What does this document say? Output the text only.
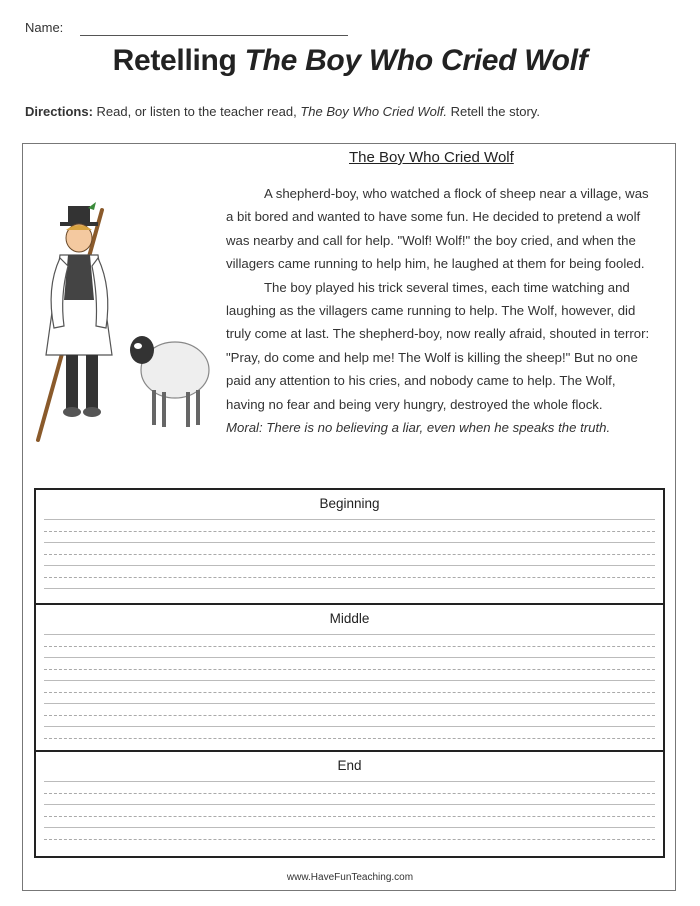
Name:
Retelling The Boy Who Cried Wolf
Directions: Read, or listen to the teacher read, The Boy Who Cried Wolf. Retell the story.
The Boy Who Cried Wolf

A shepherd-boy, who watched a flock of sheep near a village, was a bit bored and wanted to have some fun. He decided to pretend a wolf was nearby and call for help. "Wolf! Wolf!" the boy cried, and when the villagers came running to help him, he laughed at them for being fooled.

The boy played his trick several times, each time watching and laughing as the villagers came running to help. The Wolf, however, did truly come at last. The shepherd-boy, now really afraid, shouted in terror: "Pray, do come and help me! The Wolf is killing the sheep!" But no one paid any attention to his cries, and nobody came to help. The Wolf, having no fear and being very hungry, destroyed the whole flock.

Moral: There is no believing a liar, even when he speaks the truth.

Beginning
Middle
End
www.HaveFunTeaching.com
